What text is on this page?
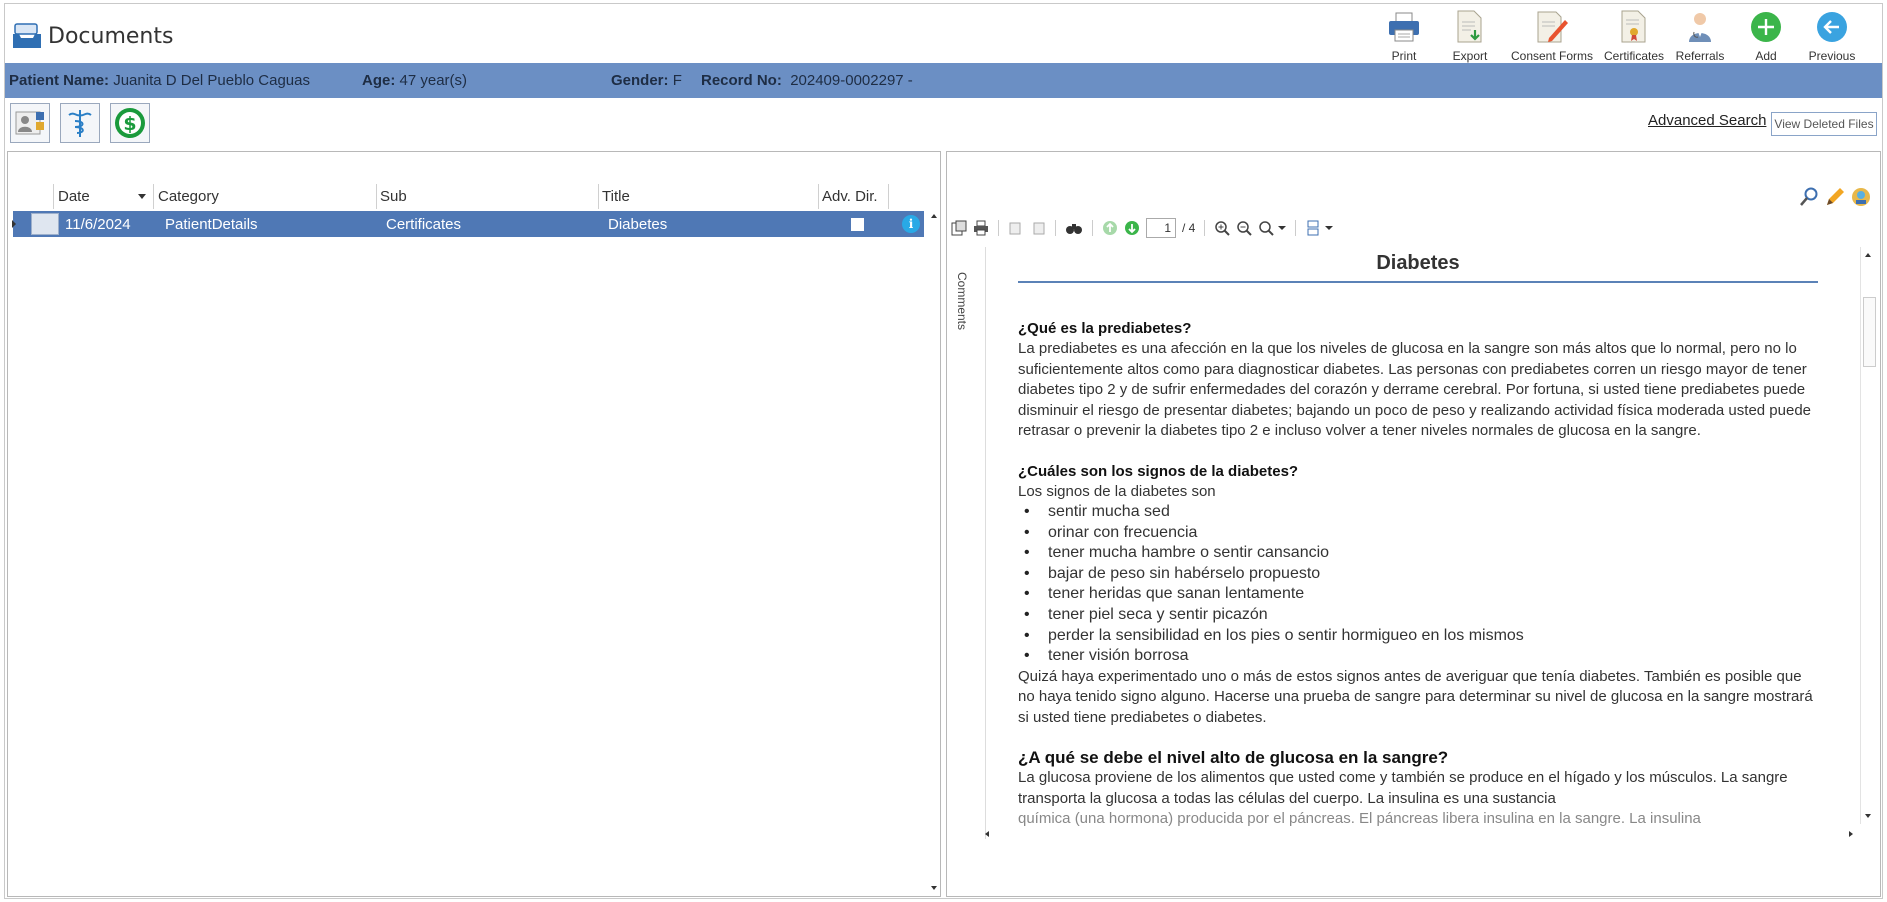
Documents
Print	Export Consent Forms Certificates Referrals	Add	Previous
Patient Name: Juanita D Del Pueblo Caguas	Age: 47 year(s)	Gender: F Record No: 202409-0002297 -
$	Advanced Search View Deleted Files
Date	Category	Sub	Title	Adv. Dir.
11/6/2024 PatientDetails	Certificates	Diabetes	i	1 / 4
Comments
Diabetes
¿Qué es la prediabetes?

La prediabetes es una afección en la que los niveles de glucosa en la sangre son más altos que lo normal, pero no lo suficientemente altos como para diagnosticar diabetes. Las personas con prediabetes corren un riesgo mayor de tener diabetes tipo 2 y de sufrir enfermedades del corazón y derrame cerebral. Por fortuna, si usted tiene prediabetes puede disminuir el riesgo de presentar diabetes; bajando un poco de peso y realizando actividad física moderada usted puede retrasar o prevenir la diabetes tipo 2 e incluso volver a tener niveles normales de glucosa en la sangre.

¿Cuáles son los signos de la diabetes?

Los signos de la diabetes son

• sentir mucha sed
• orinar con frecuencia
• tener mucha hambre o sentir cansancio
• bajar de peso sin habérselo propuesto
• tener heridas que sanan lentamente
• tener piel seca y sentir picazón
• perder la sensibilidad en los pies o sentir hormigueo en los mismos
• tener visión borrosa

Quizá haya experimentado uno o más de estos signos antes de averiguar que tenía diabetes. También es posible que no haya tenido signo alguno. Hacerse una prueba de sangre para determinar su nivel de glucosa en la sangre mostrará si usted tiene prediabetes o diabetes.

¿A qué se debe el nivel alto de glucosa en la sangre?

La glucosa proviene de los alimentos que usted come y también se produce en el hígado y los músculos. La sangre transporta la glucosa a todas las células del cuerpo. La insulina es una sustancia

química (una hormona) producida por el páncreas. El páncreas libera insulina en la sangre. La insulina
